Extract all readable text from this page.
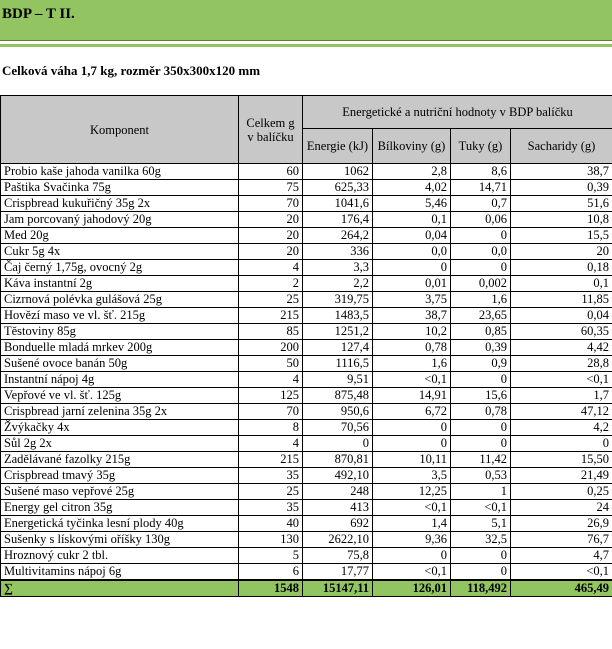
BDP – T II.
Celková váha 1,7 kg, rozměr 350x300x120 mm
Komponent	Celkem g v balíčku	Energetické a nutriční hodnoty v BDP balíčku			
		Energie (kJ)	Bílkoviny (g)	Tuky (g)	Sacharidy (g)
Probio kaše jahoda vanilka 60g	60	1062	2,8	8,6	38,7
Paštika Svačinka 75g	75	625,33	4,02	14,71	0,39
Crispbread kukuřičný 35g 2x	70	1041,6	5,46	0,7	51,6
Jam porcovaný jahodový 20g	20	176,4	0,1	0,06	10,8
Med 20g	20	264,2	0,04	0	15,5
Cukr 5g 4x	20	336	0,0	0,0	20
Čaj černý 1,75g, ovocný 2g	4	3,3	0	0	0,18
Káva instantní 2g	2	2,2	0,01	0,002	0,1
Cizrnová polévka gulášová 25g	25	319,75	3,75	1,6	11,85
Hovězí maso ve vl. šť. 215g	215	1483,5	38,7	23,65	0,04
Těstoviny 85g	85	1251,2	10,2	0,85	60,35
Bonduelle mladá mrkev 200g	200	127,4	0,78	0,39	4,42
Sušené ovoce banán 50g	50	1116,5	1,6	0,9	28,8
Instantní nápoj 4g	4	9,51	<0,1	0	<0,1
Vepřové ve vl. šť. 125g	125	875,48	14,91	15,6	1,7
Crispbread jarní zelenina 35g 2x	70	950,6	6,72	0,78	47,12
Žvýkačky 4x	8	70,56	0	0	4,2
Sůl 2g 2x	4	0	0	0	0
Zadělávané fazolky 215g	215	870,81	10,11	11,42	15,50
Crispbread tmavý 35g	35	492,10	3,5	0,53	21,49
Sušené maso vepřové 25g	25	248	12,25	1	0,25
Energy gel citron 35g	35	413	<0,1	<0,1	24
Energetická tyčinka lesní plody 40g	40	692	1,4	5,1	26,9
Sušenky s lískovými oříšky 130g	130	2622,10	9,36	32,5	76,7
Hroznový cukr 2 tbl.	5	75,8	0	0	4,7
Multivitamins nápoj 6g	6	17,77	<0,1	0	<0,1
∑	1548	15147,11	126,01	118,492	465,49
